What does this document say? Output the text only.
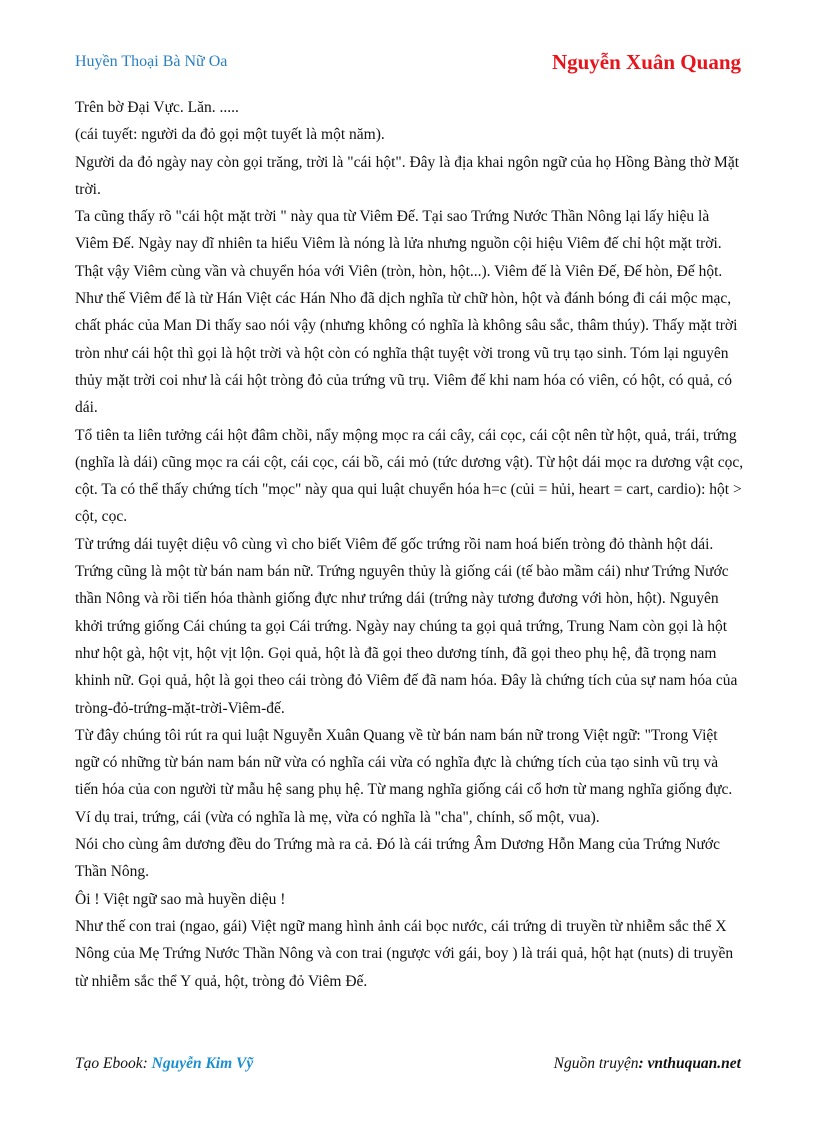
Huyền Thoại Bà Nữ Oa	Nguyễn Xuân Quang

Trên bờ Đại Vực. Lăn. .....

(cái tuyết: người da đỏ gọi một tuyết là một năm).

Người da đỏ ngày nay còn gọi trăng, trời là "cái hột". Đây là địa khai ngôn ngữ của họ Hồng Bàng thờ Mặt trời.

Ta cũng thấy rõ "cái hột mặt trời " này qua từ Viêm Đế. Tại sao Trứng Nước Thần Nông lại lấy hiệu là Viêm Đế. Ngày nay dĩ nhiên ta hiểu Viêm là nóng là lửa nhưng nguồn cội hiệu Viêm đế chỉ hột mặt trời. Thật vậy Viêm cùng vần và chuyển hóa với Viên (tròn, hòn, hột...). Viêm đế là Viên Đế, Đế hòn, Đế hột. Như thế Viêm đế là từ Hán Việt các Hán Nho đã dịch nghĩa từ chữ hòn, hột và đánh bóng đi cái mộc mạc, chất phác của Man Di thấy sao nói vậy (nhưng không có nghĩa là không sâu sắc, thâm thúy). Thấy mặt trời tròn như cái hột thì gọi là hột trời và hột còn có nghĩa thật tuyệt vời trong vũ trụ tạo sinh. Tóm lại nguyên thủy mặt trời coi như là cái hột tròng đỏ của trứng vũ trụ. Viêm đế khi nam hóa có viên, có hột, có quả, có dái.

Tổ tiên ta liên tưởng cái hột đâm chồi, nẩy mộng mọc ra cái cây, cái cọc, cái cột nên từ hột, quả, trái, trứng (nghĩa là dái) cũng mọc ra cái cột, cái cọc, cái bồ, cái mỏ (tức dương vật). Từ hột dái mọc ra dương vật cọc, cột. Ta có thể thấy chứng tích "mọc" này qua qui luật chuyển hóa h=c (củi = hủi, heart = cart, cardio): hột > cột, cọc.

Từ trứng dái tuyệt diệu vô cùng vì cho biết Viêm đế gốc trứng rồi nam hoá biến tròng đỏ thành hột dái. Trứng cũng là một từ bán nam bán nữ. Trứng nguyên thủy là giống cái (tế bào mầm cái) như Trứng Nước thần Nông và rồi tiến hóa thành giống đực như trứng dái (trứng này tương đương với hòn, hột). Nguyên khởi trứng giống Cái chúng ta gọi Cái trứng. Ngày nay chúng ta gọi quả trứng, Trung Nam còn gọi là hột như hột gà, hột vịt, hột vịt lộn. Gọi quả, hột là đã gọi theo dương tính, đã gọi theo phụ hệ, đã trọng nam khinh nữ. Gọi quả, hột là gọi theo cái tròng đỏ Viêm đế đã nam hóa. Đây là chứng tích của sự nam hóa của tròng-đỏ-trứng-mặt-trời-Viêm-đế.

Từ đây chúng tôi rút ra qui luật Nguyễn Xuân Quang về từ bán nam bán nữ trong Việt ngữ: "Trong Việt ngữ có những từ bán nam bán nữ vừa có nghĩa cái vừa có nghĩa đực là chứng tích của tạo sinh vũ trụ và tiến hóa của con người từ mẫu hệ sang phụ hệ. Từ mang nghĩa giống cái cổ hơn từ mang nghĩa giống đực. Ví dụ trai, trứng, cái (vừa có nghĩa là mẹ, vừa có nghĩa là "cha", chính, số một, vua).

Nói cho cùng âm dương đều do Trứng mà ra cả. Đó là cái trứng Âm Dương Hỗn Mang của Trứng Nước Thần Nông.

Ôi ! Việt ngữ sao mà huyền diệu !

Như thế con trai (ngao, gái) Việt ngữ mang hình ảnh cái bọc nước, cái trứng di truyền từ nhiễm sắc thể X Nông của Mẹ Trứng Nước Thần Nông và con trai (ngược với gái, boy ) là trái quả, hột hạt (nuts) di truyền từ nhiễm sắc thể Y quả, hột, tròng đỏ Viêm Đế.

Tạo Ebook: Nguyễn Kim Vỹ	Nguồn truyện: vnthuquan.net
